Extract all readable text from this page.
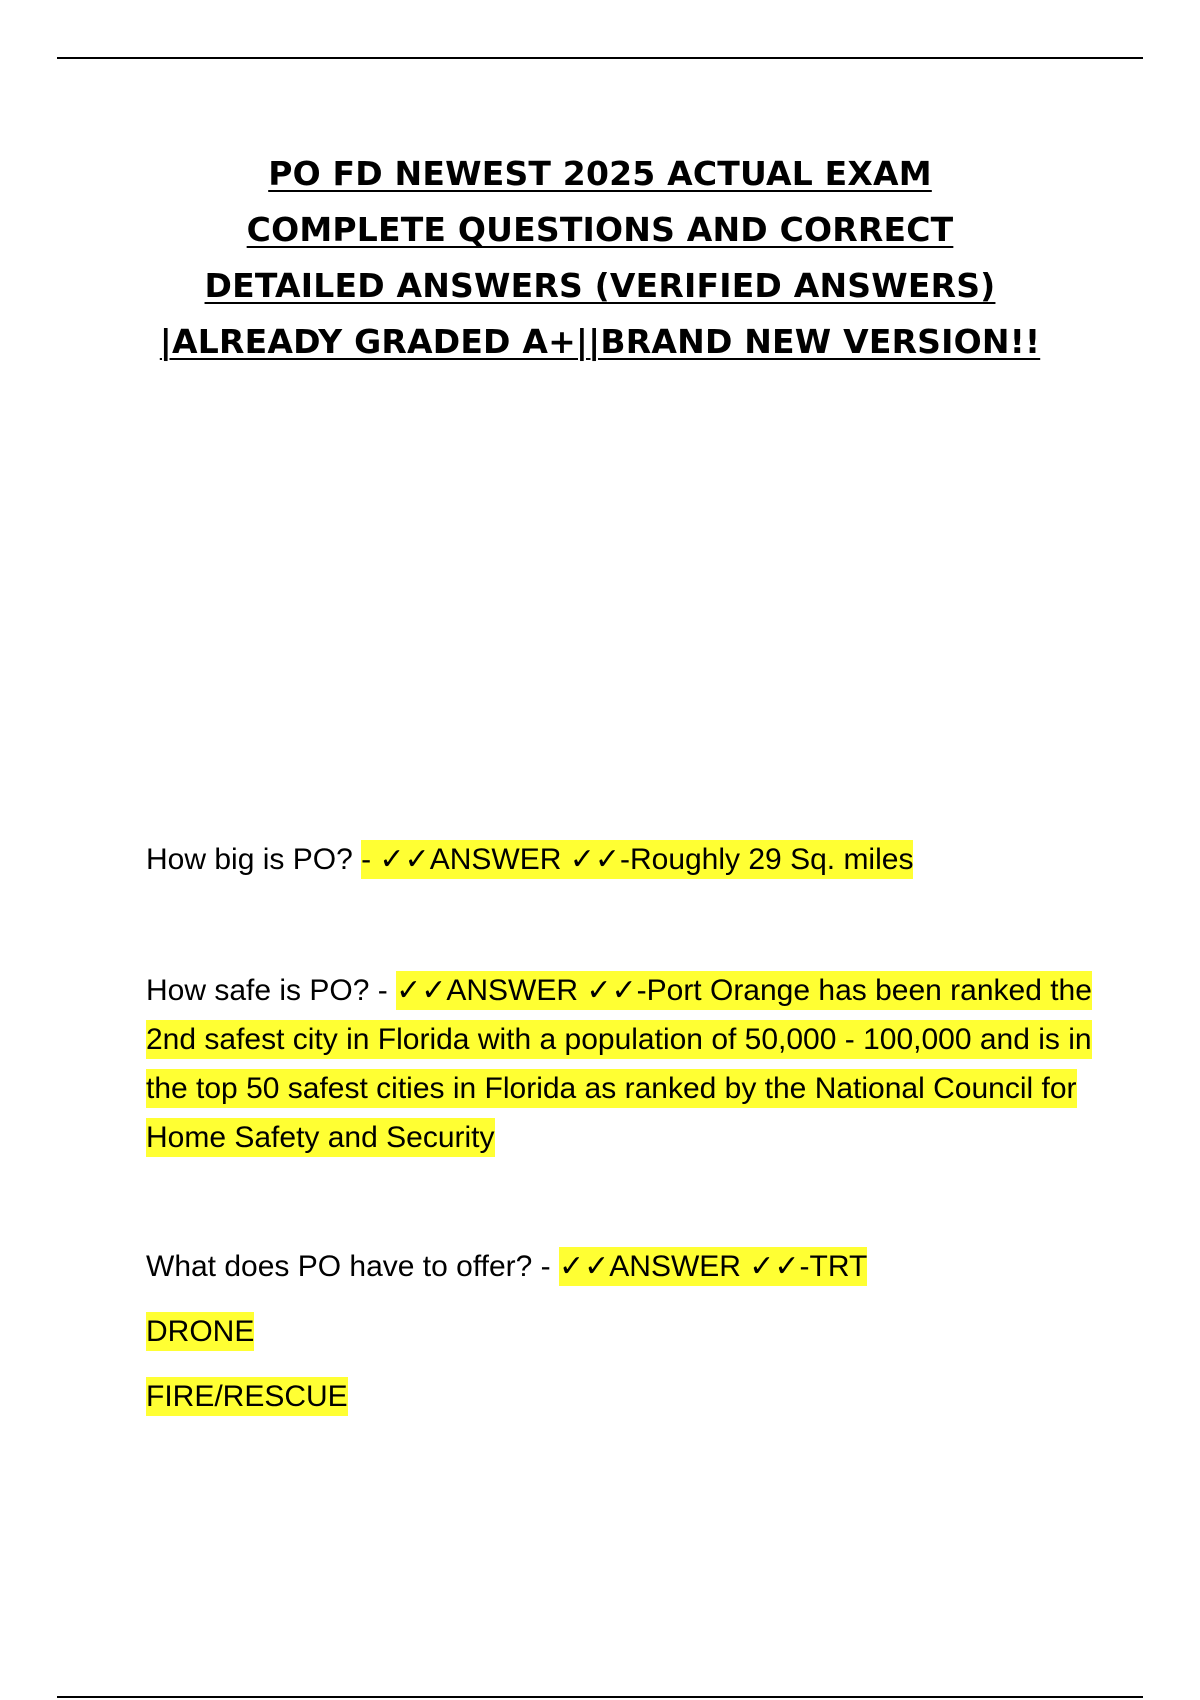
PO FD NEWEST 2025 ACTUAL EXAM
COMPLETE QUESTIONS AND CORRECT
DETAILED ANSWERS (VERIFIED ANSWERS)
|ALREADY GRADED A+||BRAND NEW VERSION!!
How big is PO? - ✓✓ANSWER ✓✓-Roughly 29 Sq. miles
How safe is PO? - ✓✓ANSWER ✓✓-Port Orange has been ranked the 2nd safest city in Florida with a population of 50,000 - 100,000 and is in the top 50 safest cities in Florida as ranked by the National Council for Home Safety and Security
What does PO have to offer? - ✓✓ANSWER ✓✓-TRT
DRONE
FIRE/RESCUE
